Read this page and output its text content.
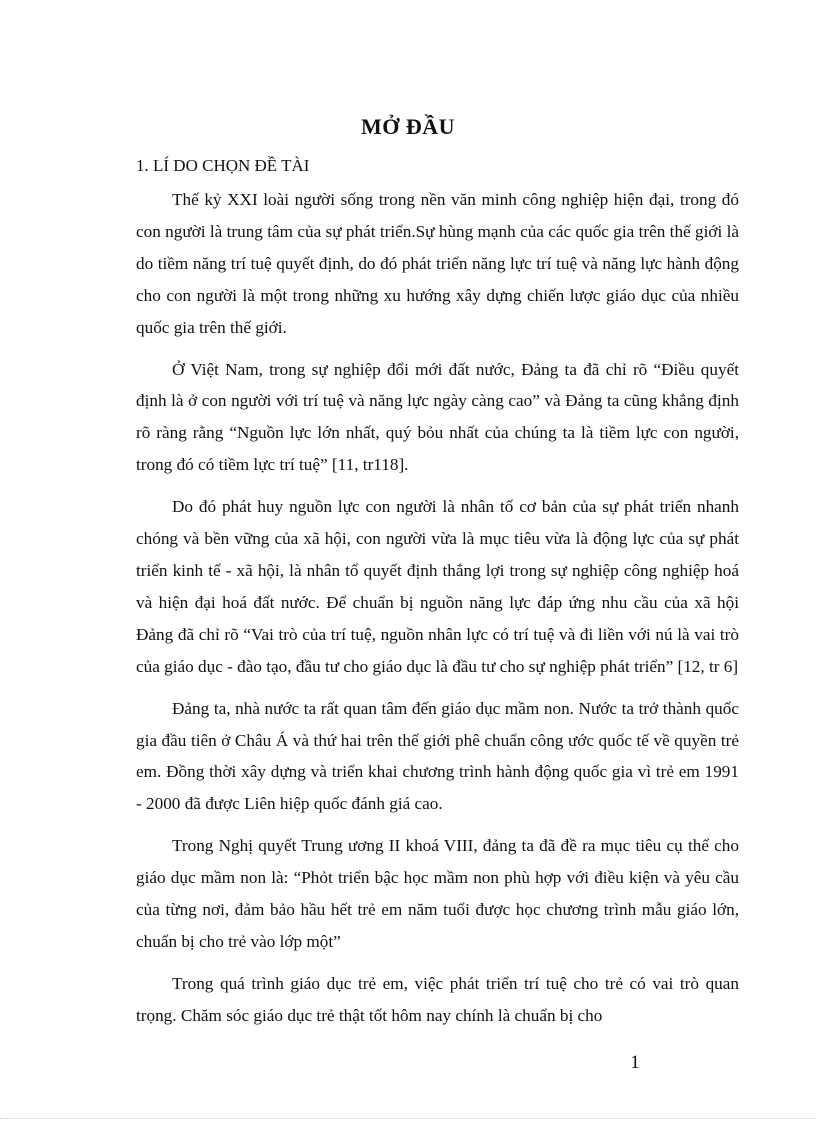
MỞ ĐẦU
1. LÍ DO CHỌN ĐỀ TÀI

Thế kỷ XXI loài người sống trong nền văn minh công nghiệp hiện đại, trong đó con người là trung tâm của sự phát triển.Sự hùng mạnh của các quốc gia trên thế giới là do tiềm năng trí tuệ quyết định, do đó phát triển năng lực trí tuệ và năng lực hành động cho con người là một trong những xu hướng xây dựng chiến lược giáo dục của nhiều quốc gia trên thế giới.

Ở Việt Nam, trong sự nghiệp đổi mới đất nước, Đảng ta đã chỉ rõ “Điều quyết định là ở con người với trí tuệ và năng lực ngày càng cao” và Đảng ta cũng khẳng định rõ ràng rằng “Nguồn lực lớn nhất, quý bỏu nhất của chúng ta là tiềm lực con người, trong đó có tiềm lực trí tuệ” [11, tr118].

Do đó phát huy nguồn lực con người là nhân tố cơ bản của sự phát triển nhanh chóng và bền vững của xã hội, con người vừa là mục tiêu vừa là động lực của sự phát triển kinh tế - xã hội, là nhân tố quyết định thắng lợi trong sự nghiệp công nghiệp hoá và hiện đại hoá đất nước. Để chuẩn bị nguồn năng lực đáp ứng nhu cầu của xã hội Đảng đã chỉ rõ “Vai trò của trí tuệ, nguồn nhân lực có trí tuệ và đi liền với nú là vai trò của giáo dục - đào tạo, đầu tư cho giáo dục là đầu tư cho sự nghiệp phát triển” [12, tr 6]

Đảng ta, nhà nước ta rất quan tâm đến giáo dục mầm non. Nước ta trở thành quốc gia đầu tiên ở Châu Á và thứ hai trên thế giới phê chuẩn công ước quốc tế về quyền trẻ em. Đồng thời xây dựng và triển khai chương trình hành động quốc gia vì trẻ em 1991 - 2000 đã được Liên hiệp quốc đánh giá cao.

Trong Nghị quyết Trung ương II khoá VIII, đảng ta đã đề ra mục tiêu cụ thể cho giáo dục mầm non là: “Phỏt triển bậc học mầm non phù hợp với điều kiện và yêu cầu của từng nơi, đảm bảo hầu hết trẻ em năm tuổi được học chương trình mẫu giáo lớn, chuẩn bị cho trẻ vào lớp một”

Trong quá trình giáo dục trẻ em, việc phát triển trí tuệ cho trẻ có vai trò quan trọng. Chăm sóc giáo dục trẻ thật tốt hôm nay chính là chuẩn bị cho

1
